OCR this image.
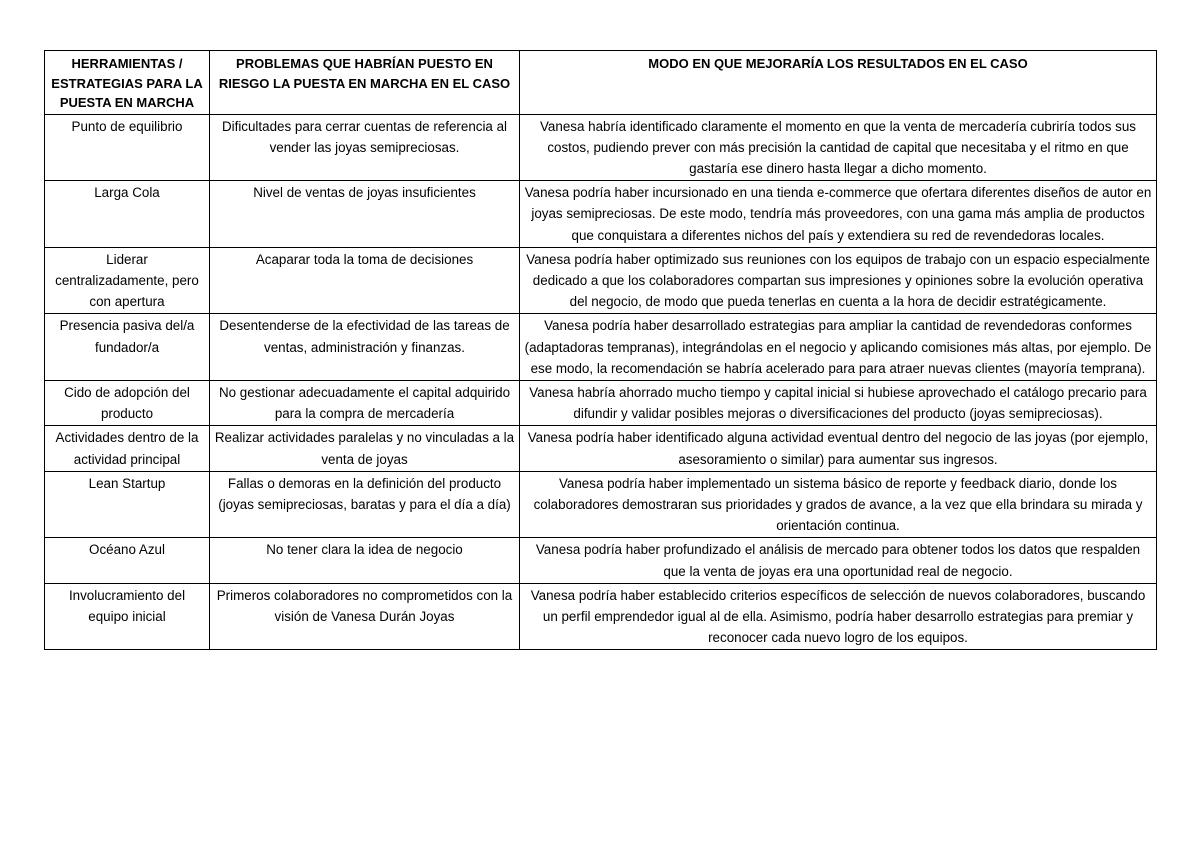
HERRAMIENTAS / ESTRATEGIAS PARA LA PUESTA EN MARCHA	PROBLEMAS QUE HABRÍAN PUESTO EN RIESGO LA PUESTA EN MARCHA EN EL CASO	MODO EN QUE MEJORARÍA LOS RESULTADOS EN EL CASO
Punto de equilibrio	Dificultades para cerrar cuentas de referencia al vender las joyas semipreciosas.	Vanesa habría identificado claramente el momento en que la venta de mercadería cubriría todos sus costos, pudiendo prever con más precisión la cantidad de capital que necesitaba y el ritmo en que gastaría ese dinero hasta llegar a dicho momento.
Larga Cola	Nivel de ventas de joyas insuficientes	Vanesa podría haber incursionado en una tienda e-commerce que ofertara diferentes diseños de autor en joyas semipreciosas. De este modo, tendría más proveedores, con una gama más amplia de productos que conquistara a diferentes nichos del país y extendiera su red de revendedoras locales.
Liderar centralizadamente, pero con apertura	Acaparar toda la toma de decisiones	Vanesa podría haber optimizado sus reuniones con los equipos de trabajo con un espacio especialmente dedicado a que los colaboradores compartan sus impresiones y opiniones sobre la evolución operativa del negocio, de modo que pueda tenerlas en cuenta a la hora de decidir estratégicamente.
Presencia pasiva del/a fundador/a	Desentenderse de la efectividad de las tareas de ventas, administración y finanzas.	Vanesa podría haber desarrollado estrategias para ampliar la cantidad de revendedoras conformes (adaptadoras tempranas), integrándolas en el negocio y aplicando comisiones más altas, por ejemplo. De ese modo, la recomendación se habría acelerado para para atraer nuevas clientes (mayoría temprana).
Cido de adopción del producto	No gestionar adecuadamente el capital adquirido para la compra de mercadería	Vanesa habría ahorrado mucho tiempo y capital inicial si hubiese aprovechado el catálogo precario para difundir y validar posibles mejoras o diversificaciones del producto (joyas semipreciosas).
Actividades dentro de la actividad principal	Realizar actividades paralelas y no vinculadas a la venta de joyas	Vanesa podría haber identificado alguna actividad eventual dentro del negocio de las joyas (por ejemplo, asesoramiento o similar) para aumentar sus ingresos.
Lean Startup	Fallas o demoras en la definición del producto (joyas semipreciosas, baratas y para el día a día)	Vanesa podría haber implementado un sistema básico de reporte y feedback diario, donde los colaboradores demostraran sus prioridades y grados de avance, a la vez que ella brindara su mirada y orientación continua.
Océano Azul	No tener clara la idea de negocio	Vanesa podría haber profundizado el análisis de mercado para obtener todos los datos que respalden que la venta de joyas era una oportunidad real de negocio.
Involucramiento del equipo inicial	Primeros colaboradores no comprometidos con la visión de Vanesa Durán Joyas	Vanesa podría haber establecido criterios específicos de selección de nuevos colaboradores, buscando un perfil emprendedor igual al de ella. Asimismo, podría haber desarrollo estrategias para premiar y reconocer cada nuevo logro de los equipos.
